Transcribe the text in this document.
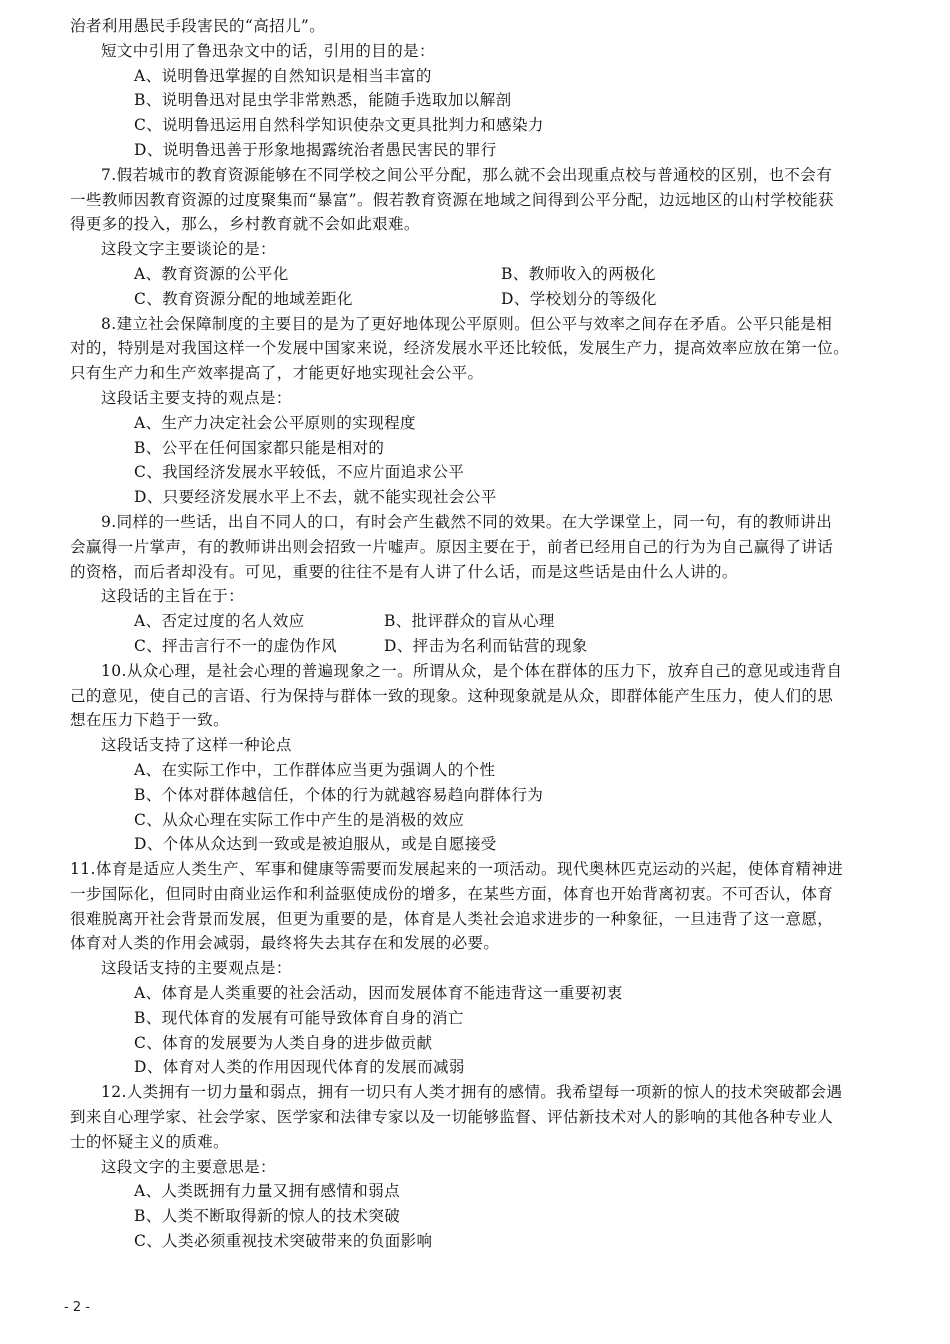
治者利用愚民手段害民的“高招儿”。
短文中引用了鲁迅杂文中的话，引用的目的是：
A、说明鲁迅掌握的自然知识是相当丰富的
B、说明鲁迅对昆虫学非常熟悉，能随手选取加以解剖
C、说明鲁迅运用自然科学知识使杂文更具批判力和感染力
D、说明鲁迅善于形象地揭露统治者愚民害民的罪行
7.假若城市的教育资源能够在不同学校之间公平分配，那么就不会出现重点校与普通校的区别，也不会有
一些教师因教育资源的过度聚集而“暴富”。假若教育资源在地域之间得到公平分配，边远地区的山村学校能获
得更多的投入，那么，乡村教育就不会如此艰难。
这段文字主要谈论的是：
A、教育资源的公平化	B、教师收入的两极化
C、教育资源分配的地域差距化	D、学校划分的等级化
8.建立社会保障制度的主要目的是为了更好地体现公平原则。但公平与效率之间存在矛盾。公平只能是相
对的，特别是对我国这样一个发展中国家来说，经济发展水平还比较低，发展生产力，提高效率应放在第一位。
只有生产力和生产效率提高了，才能更好地实现社会公平。
这段话主要支持的观点是：
A、生产力决定社会公平原则的实现程度
B、公平在任何国家都只能是相对的
C、我国经济发展水平较低，不应片面追求公平
D、只要经济发展水平上不去，就不能实现社会公平
9.同样的一些话，出自不同人的口，有时会产生截然不同的效果。在大学课堂上，同一句，有的教师讲出
会赢得一片掌声，有的教师讲出则会招致一片嘘声。原因主要在于，前者已经用自己的行为为自己赢得了讲话
的资格，而后者却没有。可见，重要的往往不是有人讲了什么话，而是这些话是由什么人讲的。
这段话的主旨在于：
A、否定过度的名人效应	B、批评群众的盲从心理
C、抨击言行不一的虚伪作风	D、抨击为名利而钻营的现象
10.从众心理，是社会心理的普遍现象之一。所谓从众，是个体在群体的压力下，放弃自己的意见或违背自
己的意见，使自己的言语、行为保持与群体一致的现象。这种现象就是从众，即群体能产生压力，使人们的思
想在压力下趋于一致。
这段话支持了这样一种论点
A、在实际工作中，工作群体应当更为强调人的个性
B、个体对群体越信任，个体的行为就越容易趋向群体行为
C、从众心理在实际工作中产生的是消极的效应
D、个体从众达到一致或是被迫服从，或是自愿接受
11.体育是适应人类生产、军事和健康等需要而发展起来的一项活动。现代奥林匹克运动的兴起，使体育精神进
一步国际化，但同时由商业运作和利益驱使成份的增多，在某些方面，体育也开始背离初衷。不可否认，体育
很难脱离开社会背景而发展，但更为重要的是，体育是人类社会追求进步的一种象征，一旦违背了这一意愿，
体育对人类的作用会减弱，最终将失去其存在和发展的必要。
这段话支持的主要观点是：
A、体育是人类重要的社会活动，因而发展体育不能违背这一重要初衷
B、现代体育的发展有可能导致体育自身的消亡
C、体育的发展要为人类自身的进步做贡献
D、体育对人类的作用因现代体育的发展而减弱
12.人类拥有一切力量和弱点，拥有一切只有人类才拥有的感情。我希望每一项新的惊人的技术突破都会遇
到来自心理学家、社会学家、医学家和法律专家以及一切能够监督、评估新技术对人的影响的其他各种专业人
士的怀疑主义的质难。
这段文字的主要意思是：
A、人类既拥有力量又拥有感情和弱点
B、人类不断取得新的惊人的技术突破
C、人类必须重视技术突破带来的负面影响
- 2 -
